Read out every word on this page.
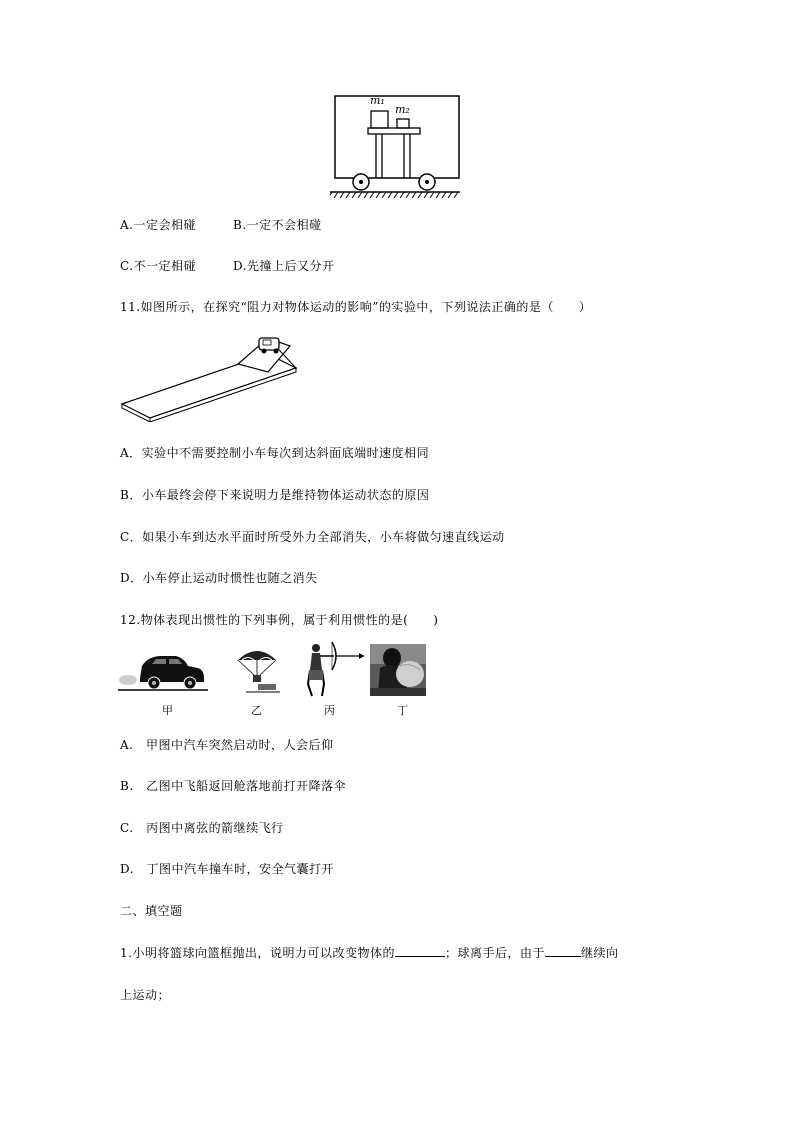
m₁
m₂
A.一定会相碰	B.一定不会相碰
C.不一定相碰	D.先撞上后又分开
11.如图所示，在探究“阻力对物体运动的影响”的实验中，下列说法正确的是（　　）
A．实验中不需要控制小车每次到达斜面底端时速度相同
B．小车最终会停下来说明力是维持物体运动状态的原因
C．如果小车到达水平面时所受外力全部消失，小车将做匀速直线运动
D．小车停止运动时惯性也随之消失
12.物体表现出惯性的下列事例，属于利用惯性的是(　　)
甲	乙	丙	丁
A.　甲图中汽车突然启动时，人会后仰
B.　乙图中飞船返回舱落地前打开降落伞
C.　丙图中离弦的箭继续飞行
D.　丁图中汽车撞车时，安全气囊打开
二、填空题
1.小明将篮球向篮框抛出，说明力可以改变物体的	；球离手后，由于	继续向
上运动；
